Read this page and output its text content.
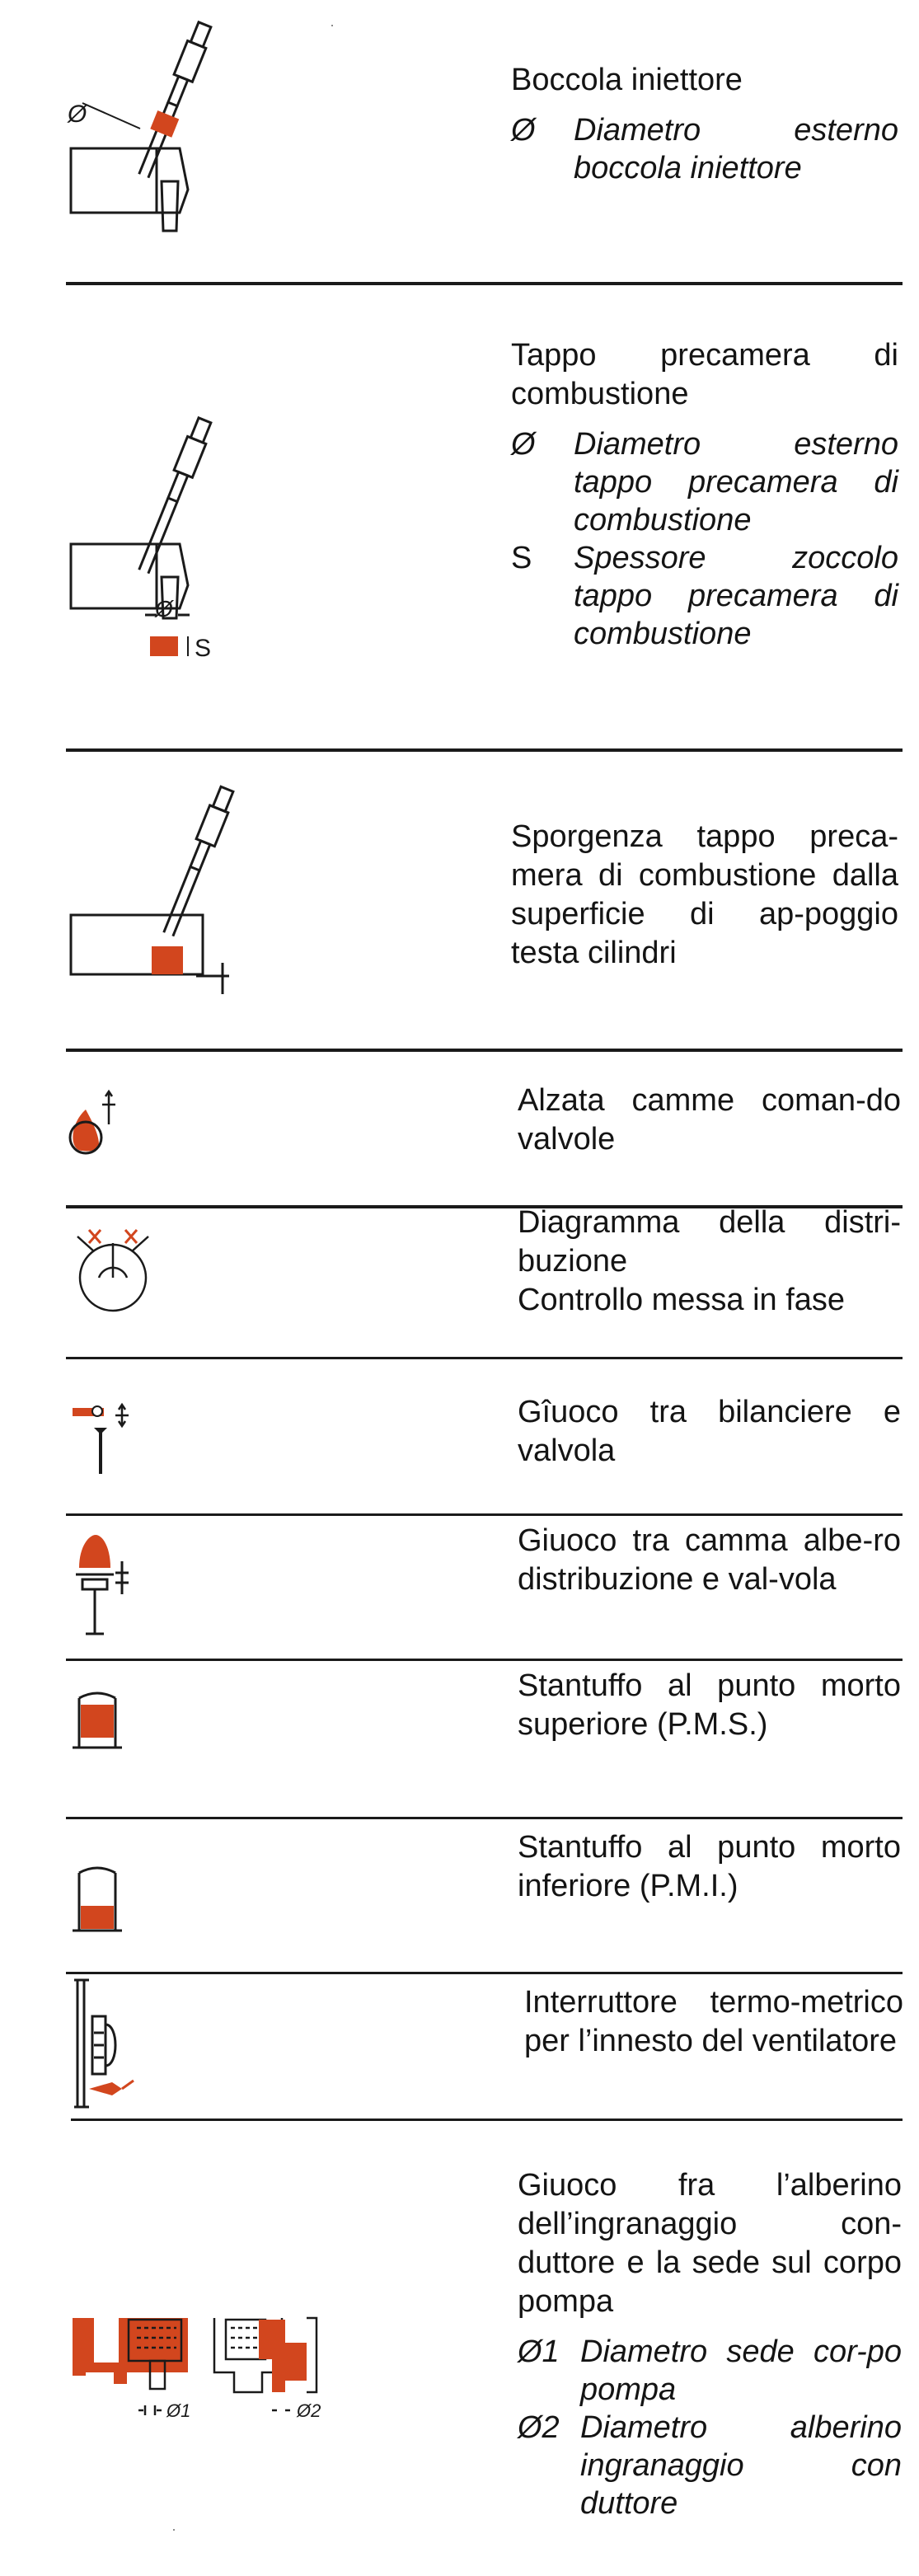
Ø

Boccola iniettore

Ø	Diametro esterno boccola iniettore
Ø
S

Tappo precamera di combustione

Ø	Diametro esterno tappo precamera di combustione
S	Spessore zoccolo tappo precamera di combustione

Sporgenza tappo preca-mera di combustione dalla superficie di ap-poggio testa cilindri

Alzata camme coman-do valvole

Diagramma della distri-buzione

Controllo messa in fase

Gîuoco tra bilanciere e valvola

Giuoco tra camma albe-ro distribuzione e val-vola

Stantuffo al punto morto superiore (P.M.S.)

Stantuffo al punto morto inferiore (P.M.I.)

Interruttore termo-metrico per l’innesto del ventilatore

Ø1	Ø2

Giuoco fra l’alberino dell’ingranaggio con-duttore e la sede sul corpo pompa

Ø1 Diametro sede cor-po pompa
Ø2 Diametro alberino ingranaggio con duttore
